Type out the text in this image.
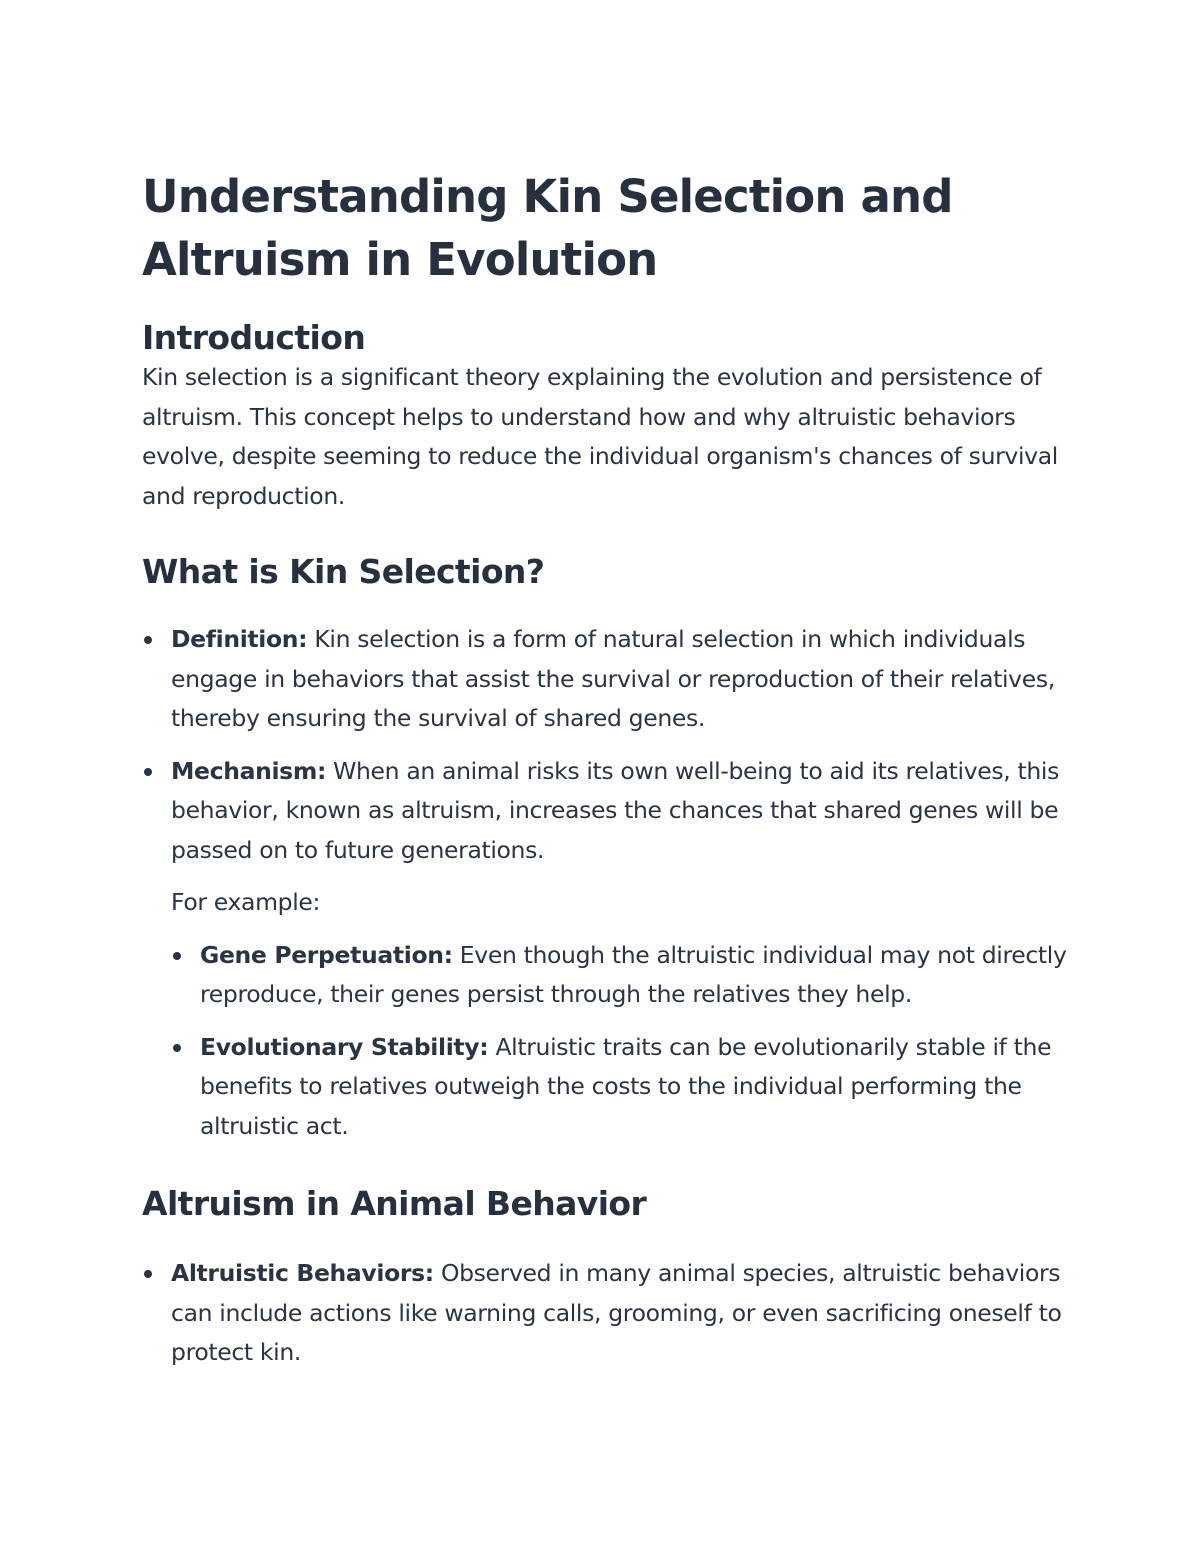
Understanding Kin Selection and Altruism in Evolution
Introduction

Kin selection is a significant theory explaining the evolution and persistence of altruism. This concept helps to understand how and why altruistic behaviors evolve, despite seeming to reduce the individual organism's chances of survival and reproduction.

What is Kin Selection?
Definition: Kin selection is a form of natural selection in which individuals engage in behaviors that assist the survival or reproduction of their relatives, thereby ensuring the survival of shared genes.
Mechanism: When an animal risks its own well-being to aid its relatives, this behavior, known as altruism, increases the chances that shared genes will be passed on to future generations.

For example:

Gene Perpetuation: Even though the altruistic individual may not directly reproduce, their genes persist through the relatives they help.
Evolutionary Stability: Altruistic traits can be evolutionarily stable if the benefits to relatives outweigh the costs to the individual performing the altruistic act.
Altruism in Animal Behavior
Altruistic Behaviors: Observed in many animal species, altruistic behaviors can include actions like warning calls, grooming, or even sacrificing oneself to protect kin.
